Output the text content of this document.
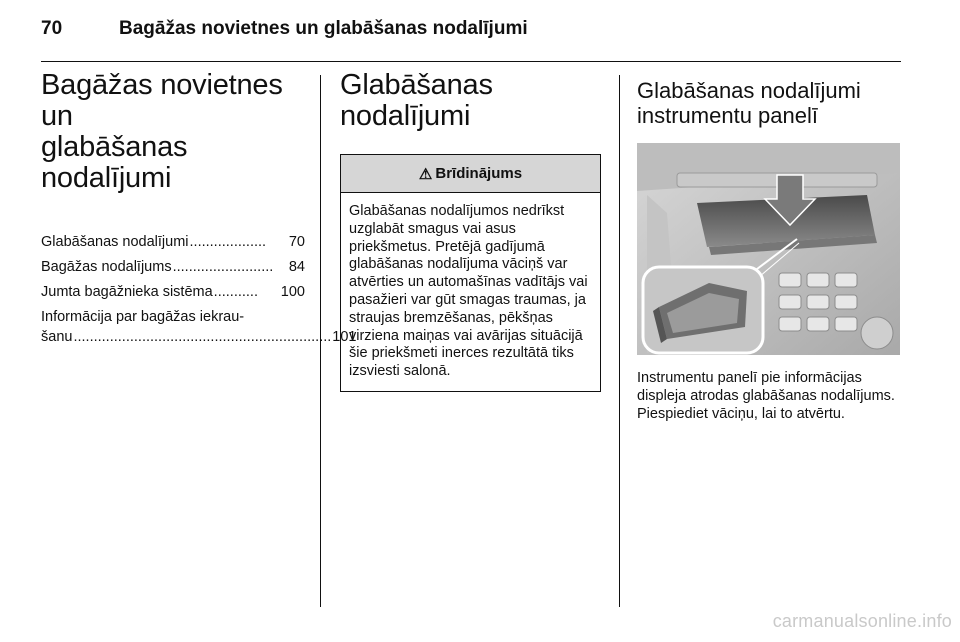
70	Bagāžas novietnes un glabāšanas nodalījumi
Bagāžas novietnes un
glabāšanas nodalījumi
Glabāšanas nodalījumi ...................	70
Bagāžas nodalījums .........................	84
Jumta bagāžnieka sistēma ...........	100
Informācija par bagāžas iekrau-
šanu ................................................................ 101
Glabāšanas nodalījumi
⚠ Brīdinājums
Glabāšanas nodalījumos nedrīkst uzglabāt smagus vai asus priekšmetus. Pretējā gadījumā glabāšanas nodalījuma vāciņš var atvērties un automašīnas vadītājs vai pasažieri var gūt smagas traumas, ja straujas bremzēšanas, pēkšņas virziena maiņas vai avārijas situācijā šie priekšmeti inerces rezultātā tiks izsviesti salonā.
Glabāšanas nodalījumi
instrumentu panelī
Instrumentu panelī pie informācijas displeja atrodas glabāšanas nodalījums. Piespiediet vāciņu, lai to atvērtu.
carmanualsonline.info
